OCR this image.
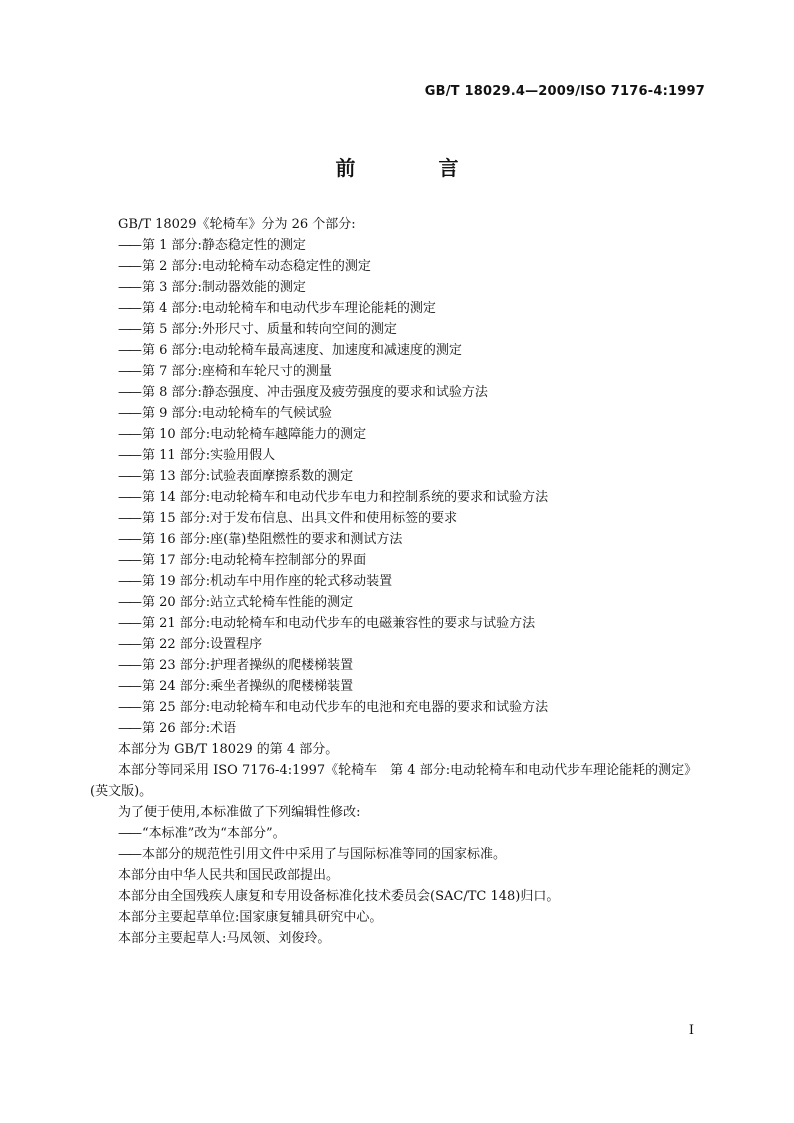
GB/T 18029.4—2009/ISO 7176-4:1997
前 言
GB/T 18029《轮椅车》分为 26 个部分:
—— 第 1 部分:静态稳定性的测定
—— 第 2 部分:电动轮椅车动态稳定性的测定
—— 第 3 部分:制动器效能的测定
—— 第 4 部分:电动轮椅车和电动代步车理论能耗的测定
—— 第 5 部分:外形尺寸、质量和转向空间的测定
—— 第 6 部分:电动轮椅车最高速度、加速度和减速度的测定
—— 第 7 部分:座椅和车轮尺寸的测量
—— 第 8 部分:静态强度、冲击强度及疲劳强度的要求和试验方法
—— 第 9 部分:电动轮椅车的气候试验
—— 第 10 部分:电动轮椅车越障能力的测定
—— 第 11 部分:实验用假人
—— 第 13 部分:试验表面摩擦系数的测定
—— 第 14 部分:电动轮椅车和电动代步车电力和控制系统的要求和试验方法
—— 第 15 部分:对于发布信息、出具文件和使用标签的要求
—— 第 16 部分:座(靠)垫阻燃性的要求和测试方法
—— 第 17 部分:电动轮椅车控制部分的界面
—— 第 19 部分:机动车中用作座的轮式移动装置
—— 第 20 部分:站立式轮椅车性能的测定
—— 第 21 部分:电动轮椅车和电动代步车的电磁兼容性的要求与试验方法
—— 第 22 部分:设置程序
—— 第 23 部分:护理者操纵的爬楼梯装置
—— 第 24 部分:乘坐者操纵的爬楼梯装置
—— 第 25 部分:电动轮椅车和电动代步车的电池和充电器的要求和试验方法
—— 第 26 部分:术语
本部分为 GB/T 18029 的第 4 部分。
本部分等同采用 ISO 7176-4:1997《轮椅车　第 4 部分:电动轮椅车和电动代步车理论能耗的测定》
(英文版)。
为了便于使用,本标准做了下列编辑性修改:
—— “本标准”改为“本部分”。
—— 本部分的规范性引用文件中采用了与国际标准等同的国家标准。
本部分由中华人民共和国民政部提出。
本部分由全国残疾人康复和专用设备标准化技术委员会(SAC/TC 148)归口。
本部分主要起草单位:国家康复辅具研究中心。
本部分主要起草人:马凤领、刘俊玲。
I
